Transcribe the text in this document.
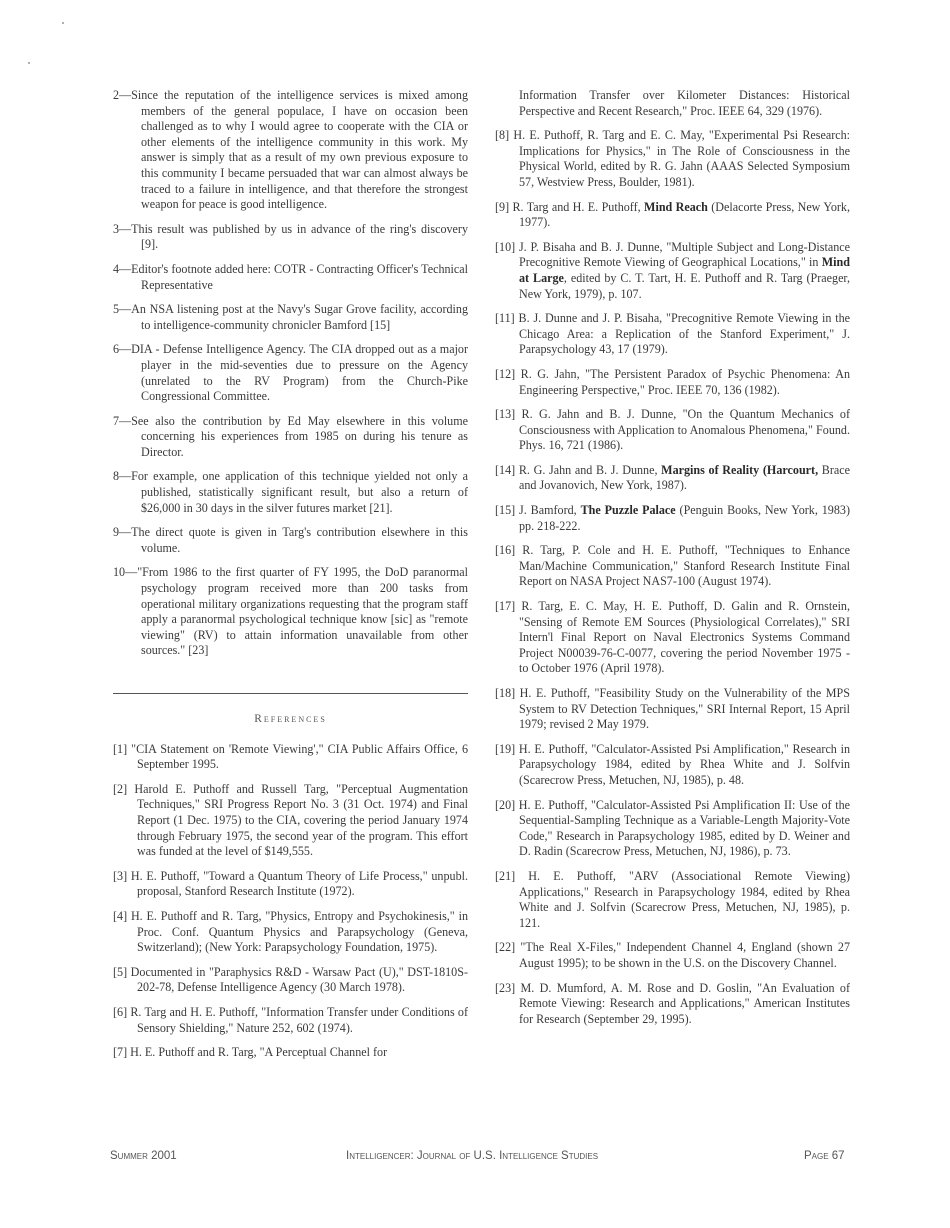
2—Since the reputation of the intelligence services is mixed among members of the general populace, I have on occasion been challenged as to why I would agree to cooperate with the CIA or other elements of the intelligence community in this work. My answer is simply that as a result of my own previous exposure to this community I became persuaded that war can almost always be traced to a failure in intelligence, and that therefore the strongest weapon for peace is good intelligence.
3—This result was published by us in advance of the ring's discovery [9].
4—Editor's footnote added here: COTR - Contracting Officer's Technical Representative
5—An NSA listening post at the Navy's Sugar Grove facility, according to intelligence-community chronicler Bamford [15]
6—DIA - Defense Intelligence Agency. The CIA dropped out as a major player in the mid-seventies due to pressure on the Agency (unrelated to the RV Program) from the Church-Pike Congressional Committee.
7—See also the contribution by Ed May elsewhere in this volume concerning his experiences from 1985 on during his tenure as Director.
8—For example, one application of this technique yielded not only a published, statistically significant result, but also a return of $26,000 in 30 days in the silver futures market [21].
9—The direct quote is given in Targ's contribution elsewhere in this volume.
10—"From 1986 to the first quarter of FY 1995, the DoD paranormal psychology program received more than 200 tasks from operational military organizations requesting that the program staff apply a paranormal psychological technique know [sic] as "remote viewing" (RV) to attain information unavailable from other sources." [23]
References
[1] "CIA Statement on 'Remote Viewing'," CIA Public Affairs Office, 6 September 1995.
[2] Harold E. Puthoff and Russell Targ, "Perceptual Augmentation Techniques," SRI Progress Report No. 3 (31 Oct. 1974) and Final Report (1 Dec. 1975) to the CIA, covering the period January 1974 through February 1975, the second year of the program. This effort was funded at the level of $149,555.
[3] H. E. Puthoff, "Toward a Quantum Theory of Life Process," unpubl. proposal, Stanford Research Institute (1972).
[4] H. E. Puthoff and R. Targ, "Physics, Entropy and Psychokinesis," in Proc. Conf. Quantum Physics and Parapsychology (Geneva, Switzerland); (New York: Parapsychology Foundation, 1975).
[5] Documented in "Paraphysics R&D - Warsaw Pact (U)," DST-1810S-202-78, Defense Intelligence Agency (30 March 1978).
[6] R. Targ and H. E. Puthoff, "Information Transfer under Conditions of Sensory Shielding," Nature 252, 602 (1974).
[7] H. E. Puthoff and R. Targ, "A Perceptual Channel for
Information Transfer over Kilometer Distances: Historical Perspective and Recent Research," Proc. IEEE 64, 329 (1976).
[8] H. E. Puthoff, R. Targ and E. C. May, "Experimental Psi Research: Implications for Physics," in The Role of Consciousness in the Physical World, edited by R. G. Jahn (AAAS Selected Symposium 57, Westview Press, Boulder, 1981).
[9] R. Targ and H. E. Puthoff, Mind Reach (Delacorte Press, New York, 1977).
[10] J. P. Bisaha and B. J. Dunne, "Multiple Subject and Long-Distance Precognitive Remote Viewing of Geographical Locations," in Mind at Large, edited by C. T. Tart, H. E. Puthoff and R. Targ (Praeger, New York, 1979), p. 107.
[11] B. J. Dunne and J. P. Bisaha, "Precognitive Remote Viewing in the Chicago Area: a Replication of the Stanford Experiment," J. Parapsychology 43, 17 (1979).
[12] R. G. Jahn, "The Persistent Paradox of Psychic Phenomena: An Engineering Perspective," Proc. IEEE 70, 136 (1982).
[13] R. G. Jahn and B. J. Dunne, "On the Quantum Mechanics of Consciousness with Application to Anomalous Phenomena," Found. Phys. 16, 721 (1986).
[14] R. G. Jahn and B. J. Dunne, Margins of Reality (Harcourt, Brace and Jovanovich, New York, 1987).
[15] J. Bamford, The Puzzle Palace (Penguin Books, New York, 1983) pp. 218-222.
[16] R. Targ, P. Cole and H. E. Puthoff, "Techniques to Enhance Man/Machine Communication," Stanford Research Institute Final Report on NASA Project NAS7-100 (August 1974).
[17] R. Targ, E. C. May, H. E. Puthoff, D. Galin and R. Ornstein, "Sensing of Remote EM Sources (Physiological Correlates)," SRI Intern'l Final Report on Naval Electronics Systems Command Project N00039-76-C-0077, covering the period November 1975 - to October 1976 (April 1978).
[18] H. E. Puthoff, "Feasibility Study on the Vulnerability of the MPS System to RV Detection Techniques," SRI Internal Report, 15 April 1979; revised 2 May 1979.
[19] H. E. Puthoff, "Calculator-Assisted Psi Amplification," Research in Parapsychology 1984, edited by Rhea White and J. Solfvin (Scarecrow Press, Metuchen, NJ, 1985), p. 48.
[20] H. E. Puthoff, "Calculator-Assisted Psi Amplification II: Use of the Sequential-Sampling Technique as a Variable-Length Majority-Vote Code," Research in Parapsychology 1985, edited by D. Weiner and D. Radin (Scarecrow Press, Metuchen, NJ, 1986), p. 73.
[21] H. E. Puthoff, "ARV (Associational Remote Viewing) Applications," Research in Parapsychology 1984, edited by Rhea White and J. Solfvin (Scarecrow Press, Metuchen, NJ, 1985), p. 121.
[22] "The Real X-Files," Independent Channel 4, England (shown 27 August 1995); to be shown in the U.S. on the Discovery Channel.
[23] M. D. Mumford, A. M. Rose and D. Goslin, "An Evaluation of Remote Viewing: Research and Applications," American Institutes for Research (September 29, 1995).
Summer 2001	Intelligencer: Journal of U.S. Intelligence Studies	Page 67
